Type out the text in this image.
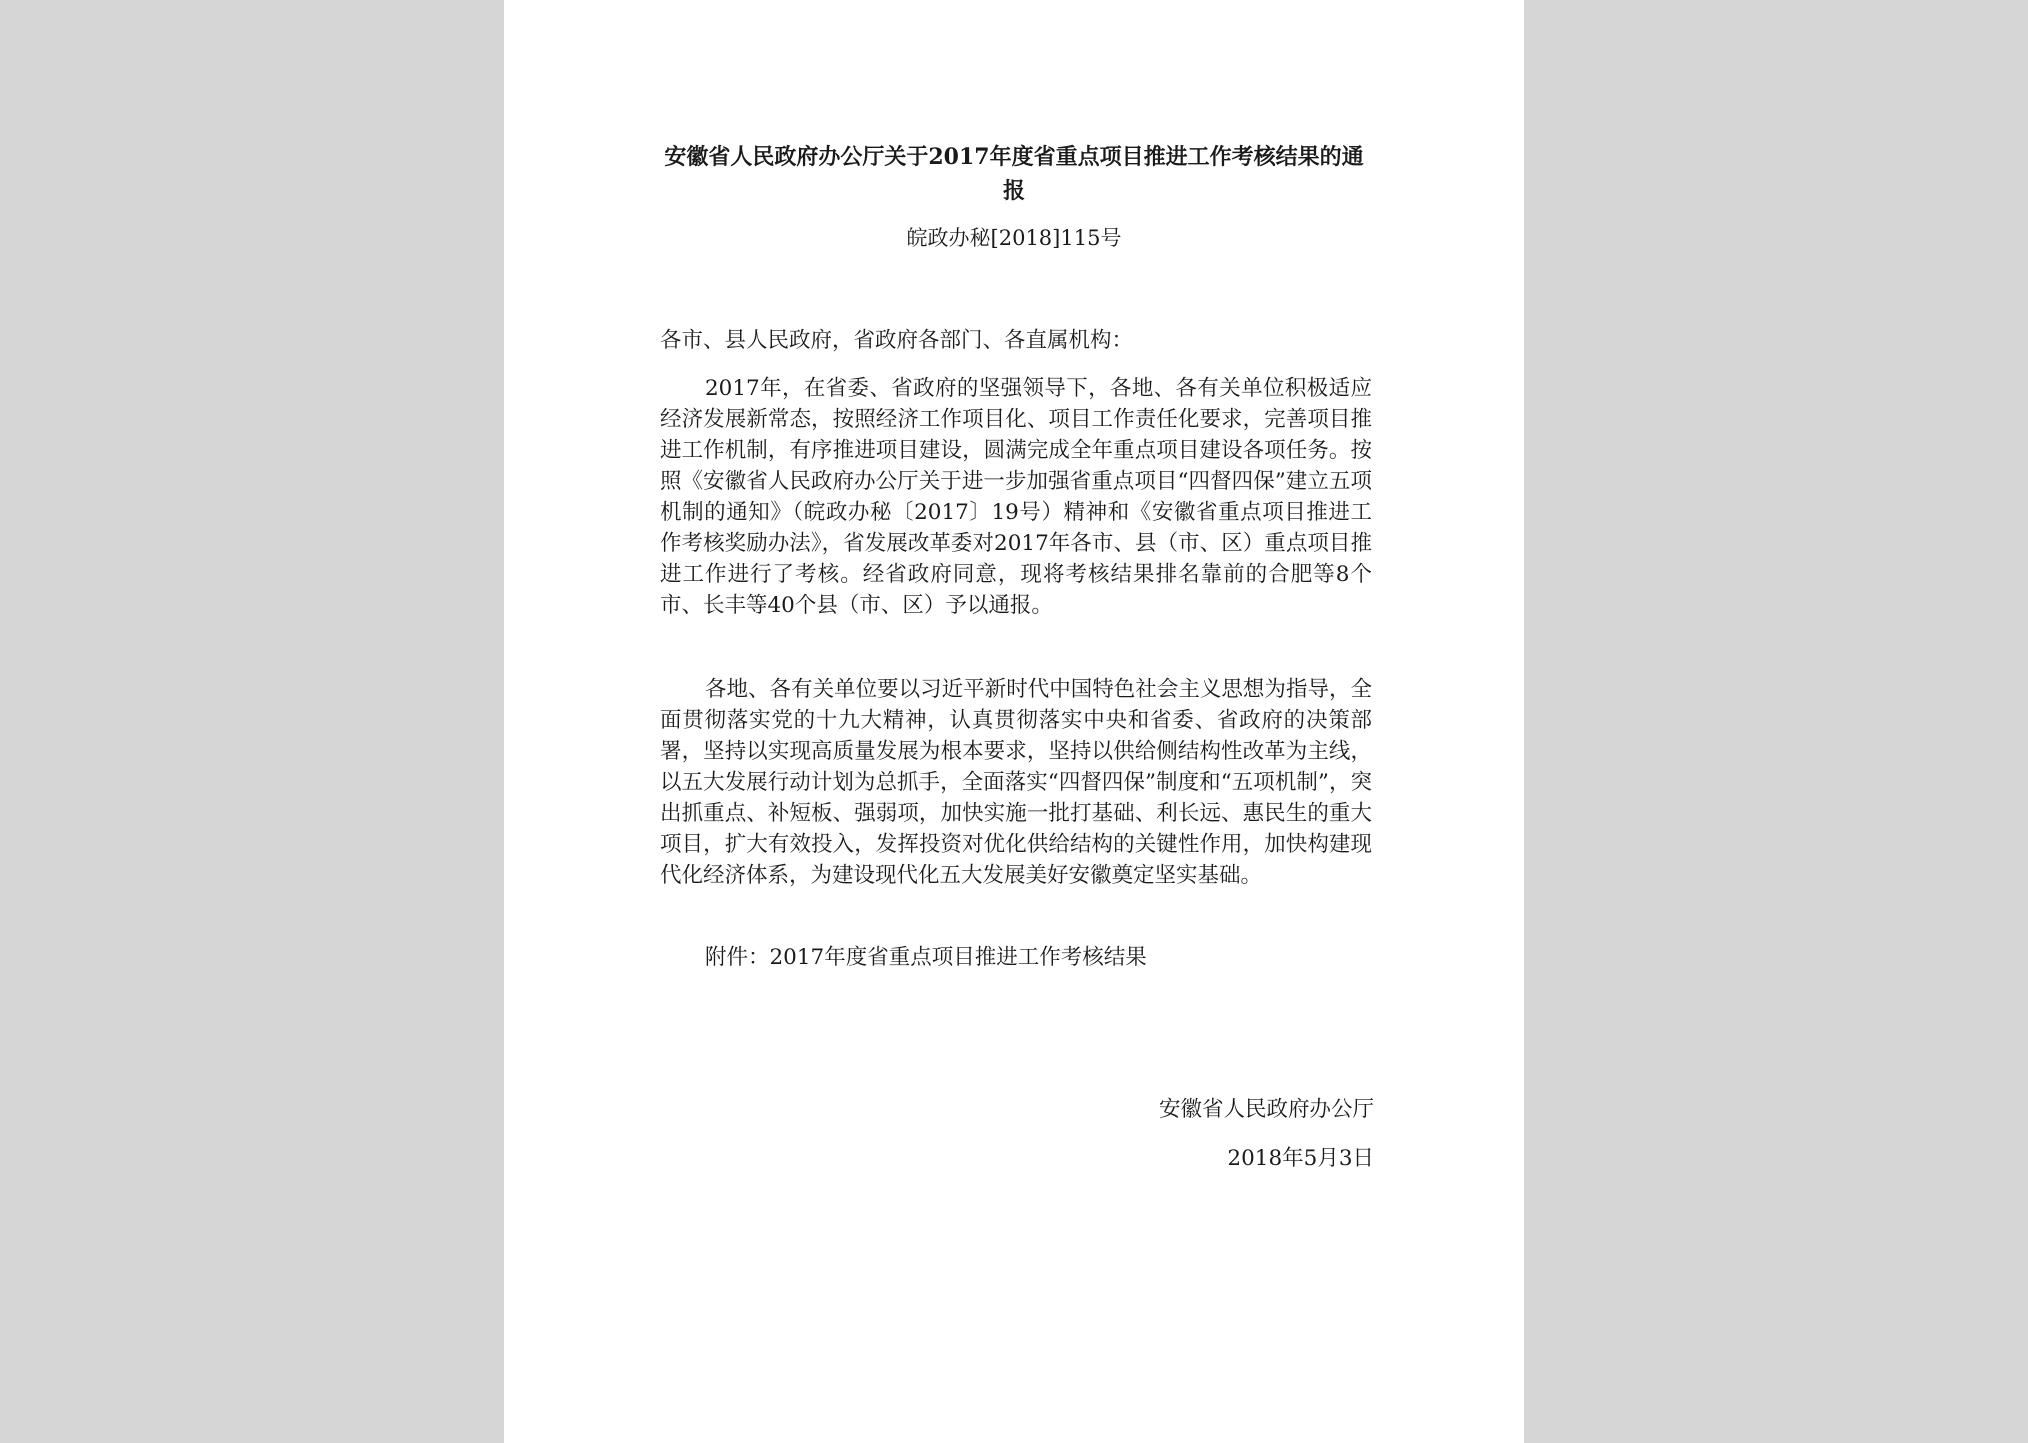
安徽省人民政府办公厅关于2017年度省重点项目推进工作考核结果的通报
皖政办秘[2018]115号
各市、县人民政府，省政府各部门、各直属机构：
2017年，在省委、省政府的坚强领导下，各地、各有关单位积极适应经济发展新常态，按照经济工作项目化、项目工作责任化要求，完善项目推进工作机制，有序推进项目建设，圆满完成全年重点项目建设各项任务。按照《安徽省人民政府办公厅关于进一步加强省重点项目“四督四保”建立五项机制的通知》（皖政办秘〔2017〕19号）精神和《安徽省重点项目推进工作考核奖励办法》，省发展改革委对2017年各市、县（市、区）重点项目推进工作进行了考核。经省政府同意，现将考核结果排名靠前的合肥等8个市、长丰等40个县（市、区）予以通报。
各地、各有关单位要以习近平新时代中国特色社会主义思想为指导，全面贯彻落实党的十九大精神，认真贯彻落实中央和省委、省政府的决策部署，坚持以实现高质量发展为根本要求，坚持以供给侧结构性改革为主线，以五大发展行动计划为总抓手，全面落实“四督四保”制度和“五项机制”，突出抓重点、补短板、强弱项，加快实施一批打基础、利长远、惠民生的重大项目，扩大有效投入，发挥投资对优化供给结构的关键性作用，加快构建现代化经济体系，为建设现代化五大发展美好安徽奠定坚实基础。
附件：2017年度省重点项目推进工作考核结果
安徽省人民政府办公厅
2018年5月3日
